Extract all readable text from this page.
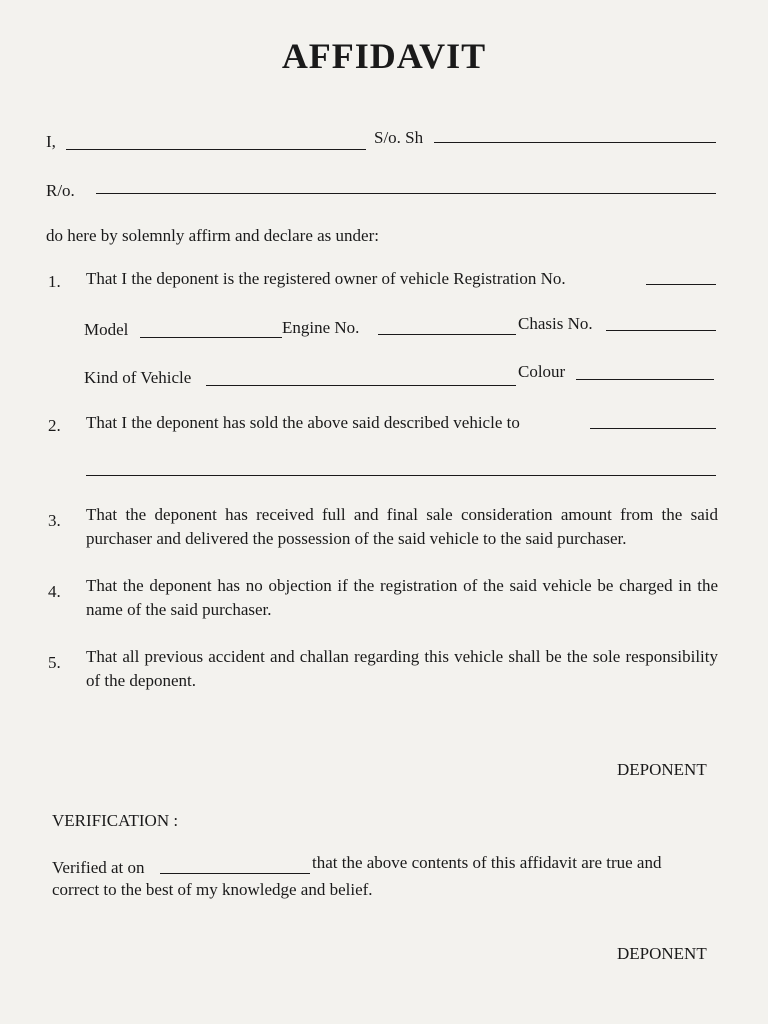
AFFIDAVIT
I,	S/o. Sh
R/o.
do here by solemnly affirm and declare as under:
1. That I the deponent is the registered owner of vehicle Registration No.
Model	Engine No.	Chasis No.
Kind of Vehicle	Colour
2. That I the deponent has sold the above said described vehicle to
3. That the deponent has received full and final sale consideration amount from the said purchaser and delivered the possession of the said vehicle to the said purchaser.
4. That the deponent has no objection if the registration of the said vehicle be charged in the name of the said purchaser.
5. That all previous accident and challan regarding this vehicle shall be the sole responsibility of the deponent.
DEPONENT
VERIFICATION :
Verified at on	that the above contents of this affidavit are true and
correct to the best of my knowledge and belief.
DEPONENT
